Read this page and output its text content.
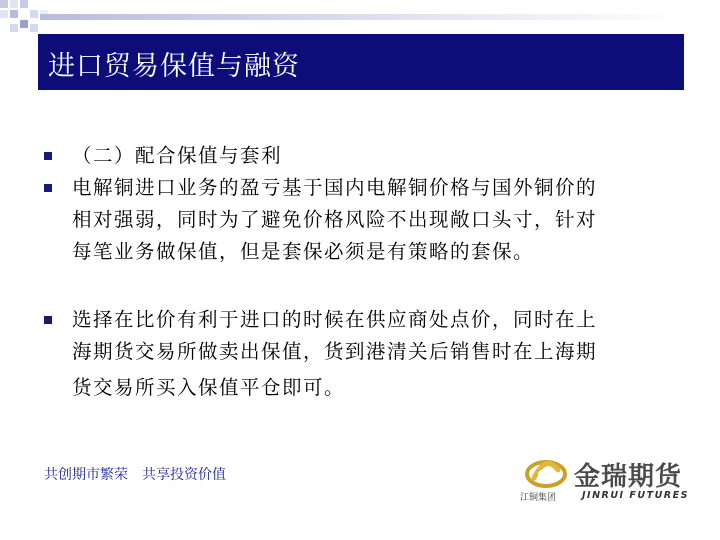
进口贸易保值与融资
（二）配合保值与套利
电解铜进口业务的盈亏基于国内电解铜价格与国外铜价的
相对强弱，同时为了避免价格风险不出现敞口头寸，针对
每笔业务做保值，但是套保必须是有策略的套保。
选择在比价有利于进口的时候在供应商处点价，同时在上
海期货交易所做卖出保值，货到港清关后销售时在上海期
货交易所买入保值平仓即可。
共创期市繁荣　共享投资价值	金瑞期货
江铜集团	JINRUI FUTURES
